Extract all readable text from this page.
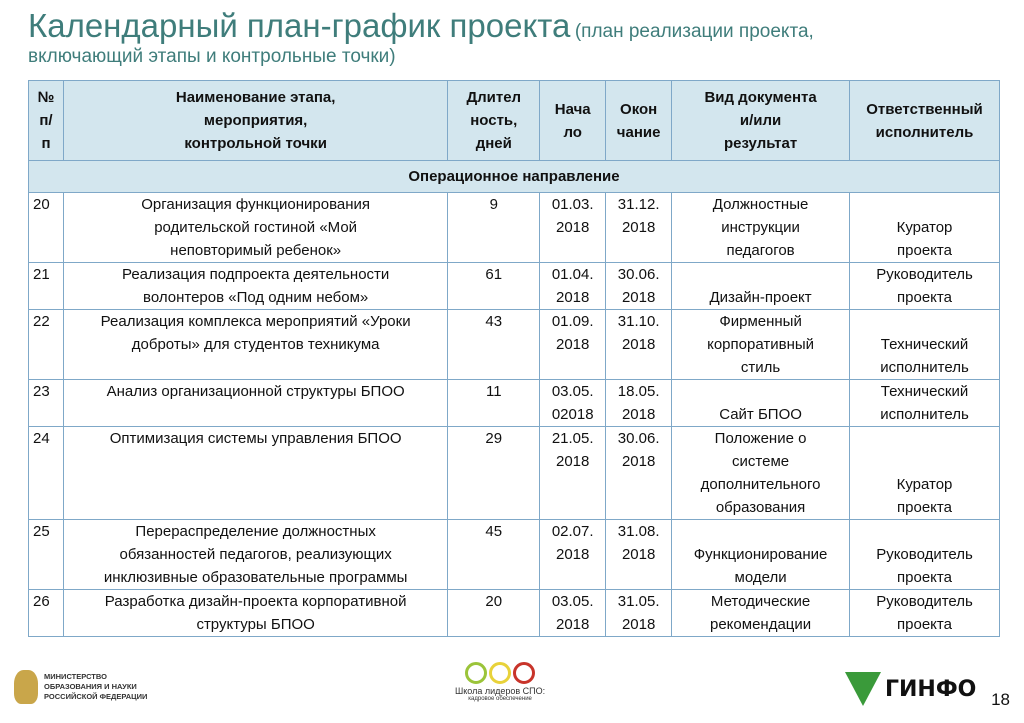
Календарный план-график проекта (план реализации проекта,
включающий этапы и контрольные точки)
№
п/
п	Наименование этапа,
мероприятия,
контрольной точки	Длител
ность,
дней	Нача
ло	Окон
чание	Вид документа
и/или
результат	Ответственный
исполнитель
Операционное направление						
20	Организация функционирования
родительской гостиной «Мой
неповторимый ребенок»	9	01.03.
2018	31.12.
2018	Должностные
инструкции
педагогов	Куратор
проекта
21	Реализация подпроекта деятельности
волонтеров «Под одним небом»	61	01.04.
2018	30.06.
2018	Дизайн-проект	Руководитель
проекта
22	Реализация комплекса мероприятий «Уроки
доброты» для студентов техникума	43	01.09.
2018	31.10.
2018	Фирменный
корпоративный
стиль	Технический
исполнитель
23	Анализ организационной структуры БПОО	11	03.05.
02018	18.05.
2018	Сайт БПОО	Технический
исполнитель
24	Оптимизация системы управления БПОО	29	21.05.
2018	30.06.
2018	Положение о
системе
дополнительного
образования	Куратор
проекта
25	Перераспределение должностных
обязанностей педагогов, реализующих
инклюзивные образовательные программы	45	02.07.
2018	31.08.
2018	Функционирование
модели	Руководитель
проекта
26	Разработка дизайн-проекта корпоративной
структуры БПОО	20	03.05.
2018	31.05.
2018	Методические
рекомендации	Руководитель
проекта
МИНИСТЕРСТВО
ОБРАЗОВАНИЯ И НАУКИ
РОССИЙСКОЙ ФЕДЕРАЦИИ
Школа лидеров СПО:
кадровое обеспечение	ГИНФО 18
